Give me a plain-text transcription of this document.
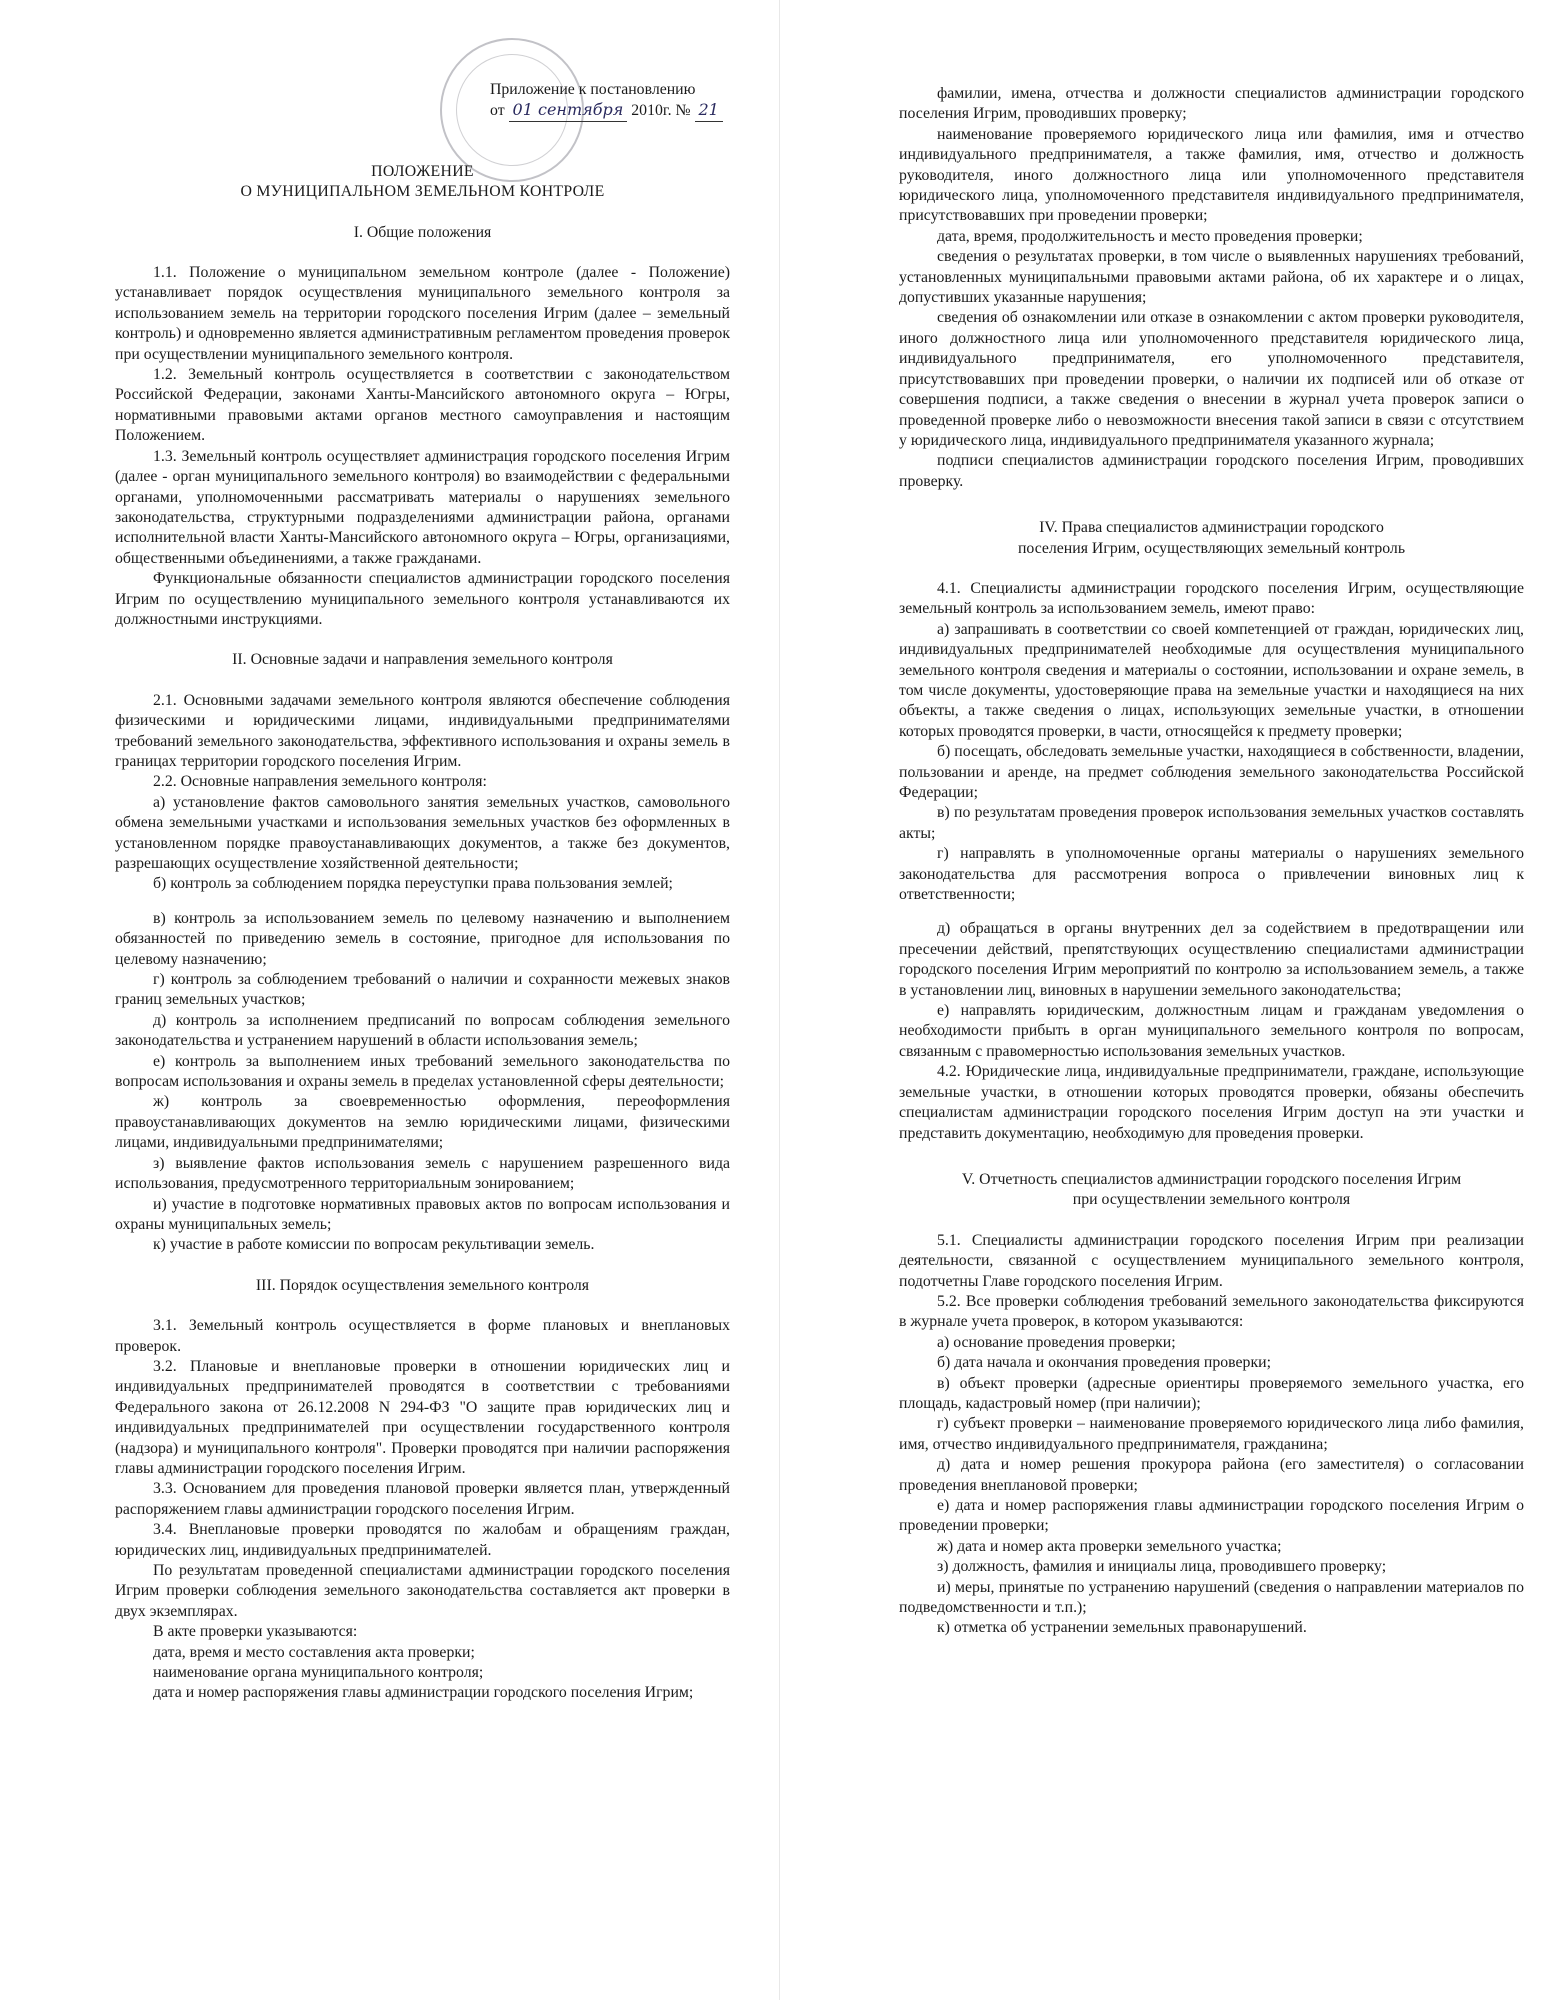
Приложение к постановлению

от 01 сентября 2010г. № 21

ПОЛОЖЕНИЕ

О МУНИЦИПАЛЬНОМ ЗЕМЕЛЬНОМ КОНТРОЛЕ

I. Общие положения

1.1. Положение о муниципальном земельном контроле (далее - Положение) устанавливает порядок осуществления муниципального земельного контроля за использованием земель на территории городского поселения Игрим (далее – земельный контроль) и одновременно является административным регламентом проведения проверок при осуществлении муниципального земельного контроля.

1.2. Земельный контроль осуществляется в соответствии с законодательством Российской Федерации, законами Ханты-Мансийского автономного округа – Югры, нормативными правовыми актами органов местного самоуправления и настоящим Положением.

1.3. Земельный контроль осуществляет администрация городского поселения Игрим (далее - орган муниципального земельного контроля) во взаимодействии с федеральными органами, уполномоченными рассматривать материалы о нарушениях земельного законодательства, структурными подразделениями администрации района, органами исполнительной власти Ханты-Мансийского автономного округа – Югры, организациями, общественными объединениями, а также гражданами.

Функциональные обязанности специалистов администрации городского поселения Игрим по осуществлению муниципального земельного контроля устанавливаются их должностными инструкциями.

II. Основные задачи и направления земельного контроля

2.1. Основными задачами земельного контроля являются обеспечение соблюдения физическими и юридическими лицами, индивидуальными предпринимателями требований земельного законодательства, эффективного использования и охраны земель в границах территории городского поселения Игрим.

2.2. Основные направления земельного контроля:

а) установление фактов самовольного занятия земельных участков, самовольного обмена земельными участками и использования земельных участков без оформленных в установленном порядке правоустанавливающих документов, а также без документов, разрешающих осуществление хозяйственной деятельности;

б) контроль за соблюдением порядка переуступки права пользования землей;

в) контроль за использованием земель по целевому назначению и выполнением обязанностей по приведению земель в состояние, пригодное для использования по целевому назначению;

г) контроль за соблюдением требований о наличии и сохранности межевых знаков границ земельных участков;

д) контроль за исполнением предписаний по вопросам соблюдения земельного законодательства и устранением нарушений в области использования земель;

е) контроль за выполнением иных требований земельного законодательства по вопросам использования и охраны земель в пределах установленной сферы деятельности;

ж) контроль за своевременностью оформления, переоформления правоустанавливающих документов на землю юридическими лицами, физическими лицами, индивидуальными предпринимателями;

з) выявление фактов использования земель с нарушением разрешенного вида использования, предусмотренного территориальным зонированием;

и) участие в подготовке нормативных правовых актов по вопросам использования и охраны муниципальных земель;

к) участие в работе комиссии по вопросам рекультивации земель.

III. Порядок осуществления земельного контроля

3.1. Земельный контроль осуществляется в форме плановых и внеплановых проверок.

3.2. Плановые и внеплановые проверки в отношении юридических лиц и индивидуальных предпринимателей проводятся в соответствии с требованиями Федерального закона от 26.12.2008 N 294-ФЗ "О защите прав юридических лиц и индивидуальных предпринимателей при осуществлении государственного контроля (надзора) и муниципального контроля". Проверки проводятся при наличии распоряжения главы администрации городского поселения Игрим.

3.3. Основанием для проведения плановой проверки является план, утвержденный распоряжением главы администрации городского поселения Игрим.

3.4. Внеплановые проверки проводятся по жалобам и обращениям граждан, юридических лиц, индивидуальных предпринимателей.

По результатам проведенной специалистами администрации городского поселения Игрим проверки соблюдения земельного законодательства составляется акт проверки в двух экземплярах.

В акте проверки указываются:

дата, время и место составления акта проверки;

наименование органа муниципального контроля;

дата и номер распоряжения главы администрации городского поселения Игрим;

фамилии, имена, отчества и должности специалистов администрации городского поселения Игрим, проводивших проверку;

наименование проверяемого юридического лица или фамилия, имя и отчество индивидуального предпринимателя, а также фамилия, имя, отчество и должность руководителя, иного должностного лица или уполномоченного представителя юридического лица, уполномоченного представителя индивидуального предпринимателя, присутствовавших при проведении проверки;

дата, время, продолжительность и место проведения проверки;

сведения о результатах проверки, в том числе о выявленных нарушениях требований, установленных муниципальными правовыми актами района, об их характере и о лицах, допустивших указанные нарушения;

сведения об ознакомлении или отказе в ознакомлении с актом проверки руководителя, иного должностного лица или уполномоченного представителя юридического лица, индивидуального предпринимателя, его уполномоченного представителя, присутствовавших при проведении проверки, о наличии их подписей или об отказе от совершения подписи, а также сведения о внесении в журнал учета проверок записи о проведенной проверке либо о невозможности внесения такой записи в связи с отсутствием у юридического лица, индивидуального предпринимателя указанного журнала;

подписи специалистов администрации городского поселения Игрим, проводивших проверку.

IV. Права специалистов администрации городского

поселения Игрим, осуществляющих земельный контроль

4.1. Специалисты администрации городского поселения Игрим, осуществляющие земельный контроль за использованием земель, имеют право:

а) запрашивать в соответствии со своей компетенцией от граждан, юридических лиц, индивидуальных предпринимателей необходимые для осуществления муниципального земельного контроля сведения и материалы о состоянии, использовании и охране земель, в том числе документы, удостоверяющие права на земельные участки и находящиеся на них объекты, а также сведения о лицах, использующих земельные участки, в отношении которых проводятся проверки, в части, относящейся к предмету проверки;

б) посещать, обследовать земельные участки, находящиеся в собственности, владении, пользовании и аренде, на предмет соблюдения земельного законодательства Российской Федерации;

в) по результатам проведения проверок использования земельных участков составлять акты;

г) направлять в уполномоченные органы материалы о нарушениях земельного законодательства для рассмотрения вопроса о привлечении виновных лиц к ответственности;

д) обращаться в органы внутренних дел за содействием в предотвращении или пресечении действий, препятствующих осуществлению специалистами администрации городского поселения Игрим мероприятий по контролю за использованием земель, а также в установлении лиц, виновных в нарушении земельного законодательства;

е) направлять юридическим, должностным лицам и гражданам уведомления о необходимости прибыть в орган муниципального земельного контроля по вопросам, связанным с правомерностью использования земельных участков.

4.2. Юридические лица, индивидуальные предприниматели, граждане, использующие земельные участки, в отношении которых проводятся проверки, обязаны обеспечить специалистам администрации городского поселения Игрим доступ на эти участки и представить документацию, необходимую для проведения проверки.

V. Отчетность специалистов администрации городского поселения Игрим

при осуществлении земельного контроля

5.1. Специалисты администрации городского поселения Игрим при реализации деятельности, связанной с осуществлением муниципального земельного контроля, подотчетны Главе городского поселения Игрим.

5.2. Все проверки соблюдения требований земельного законодательства фиксируются в журнале учета проверок, в котором указываются:

а) основание проведения проверки;

б) дата начала и окончания проведения проверки;

в) объект проверки (адресные ориентиры проверяемого земельного участка, его площадь, кадастровый номер (при наличии);

г) субъект проверки – наименование проверяемого юридического лица либо фамилия, имя, отчество индивидуального предпринимателя, гражданина;

д) дата и номер решения прокурора района (его заместителя) о согласовании проведения внеплановой проверки;

е) дата и номер распоряжения главы администрации городского поселения Игрим о проведении проверки;

ж) дата и номер акта проверки земельного участка;

з) должность, фамилия и инициалы лица, проводившего проверку;

и) меры, принятые по устранению нарушений (сведения о направлении материалов по подведомственности и т.п.);

к) отметка об устранении земельных правонарушений.
